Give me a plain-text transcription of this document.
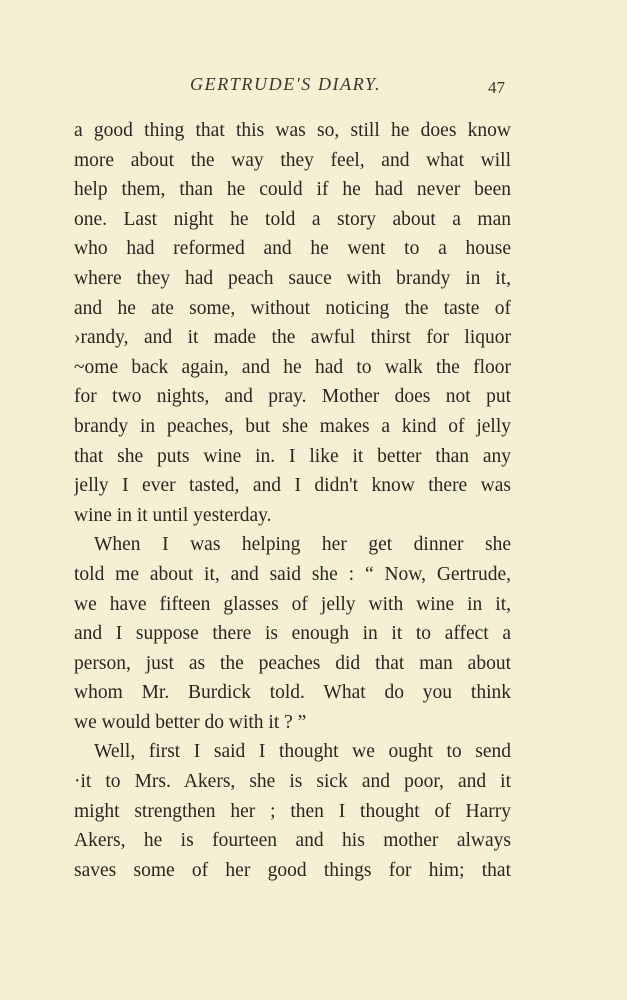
GERTRUDE'S DIARY.	47
a good thing that this was so, still he does know
more about the way they feel, and what will
help them, than he could if he had never been
one. Last night he told a story about a man
who had reformed and he went to a house
where they had peach sauce with brandy in it,
and he ate some, without noticing the taste of
›randy, and it made the awful thirst for liquor
~ome back again, and he had to walk the floor
for two nights, and pray. Mother does not put
brandy in peaches, but she makes a kind of jelly
that she puts wine in. I like it better than any
jelly I ever tasted, and I didn't know there was
wine in it until yesterday.
When I was helping her get dinner she
told me about it, and said she : “ Now, Gertrude,
we have fifteen glasses of jelly with wine in it,
and I suppose there is enough in it to affect a
person, just as the peaches did that man about
whom Mr. Burdick told. What do you think
we would better do with it ? ”
Well, first I said I thought we ought to send
·it to Mrs. Akers, she is sick and poor, and it
might strengthen her ; then I thought of Harry
Akers, he is fourteen and his mother always
saves some of her good things for him; that
